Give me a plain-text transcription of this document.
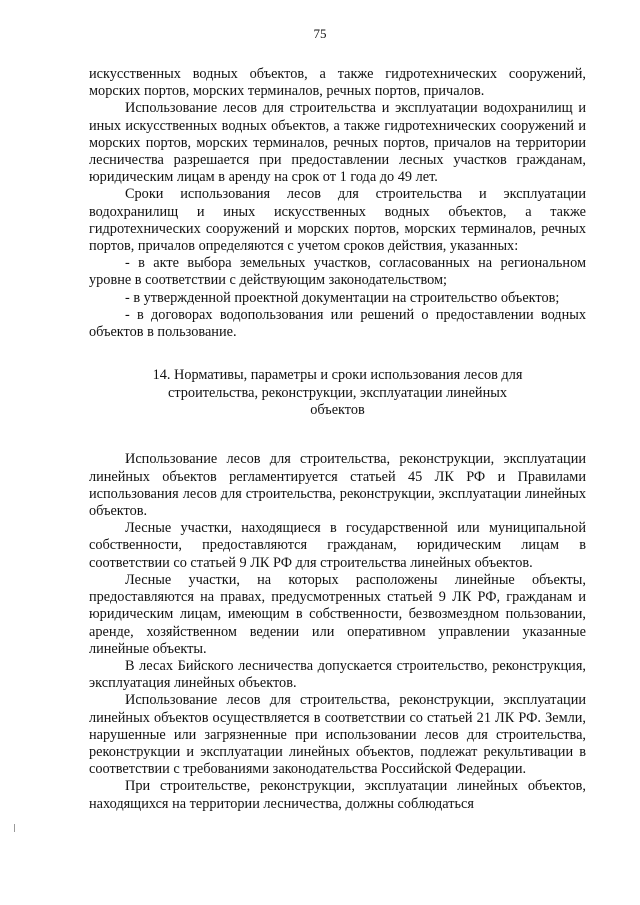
75

искусственных водных объектов, а также гидротехнических сооружений, морских портов, морских терминалов, речных портов, причалов.

Использование лесов для строительства и эксплуатации водохранилищ и иных искусственных водных объектов, а также гидротехнических сооружений и морских портов, морских терминалов, речных портов, причалов на территории лесничества разрешается при предоставлении лесных участков гражданам, юридическим лицам в аренду на срок от 1 года до 49 лет.

Сроки использования лесов для строительства и эксплуатации водохранилищ и иных искусственных водных объектов, а также гидротехнических сооружений и морских портов, морских терминалов, речных портов, причалов определяются с учетом сроков действия, указанных:

- в акте выбора земельных участков, согласованных на региональном уровне в соответствии с действующим законодательством;

- в утвержденной проектной документации на строительство объектов;

- в договорах водопользования или решений о предоставлении водных объектов в пользование.

14. Нормативы, параметры и сроки использования лесов для строительства, реконструкции, эксплуатации линейных объектов

Использование лесов для строительства, реконструкции, эксплуатации линейных объектов регламентируется статьей 45 ЛК РФ и Правилами использования лесов для строительства, реконструкции, эксплуатации линейных объектов.

Лесные участки, находящиеся в государственной или муниципальной собственности, предоставляются гражданам, юридическим лицам в соответствии со статьей 9 ЛК РФ для строительства линейных объектов.

Лесные участки, на которых расположены линейные объекты, предоставляются на правах, предусмотренных статьей 9 ЛК РФ, гражданам и юридическим лицам, имеющим в собственности, безвозмездном пользовании, аренде, хозяйственном ведении или оперативном управлении указанные линейные объекты.

В лесах Бийского лесничества допускается строительство, реконструкция, эксплуатация линейных объектов.

Использование лесов для строительства, реконструкции, эксплуатации линейных объектов осуществляется в соответствии со статьей 21 ЛК РФ. Земли, нарушенные или загрязненные при использовании лесов для строительства, реконструкции и эксплуатации линейных объектов, подлежат рекультивации в соответствии с требованиями законодательства Российской Федерации.

При строительстве, реконструкции, эксплуатации линейных объектов, находящихся на территории лесничества, должны соблюдаться
